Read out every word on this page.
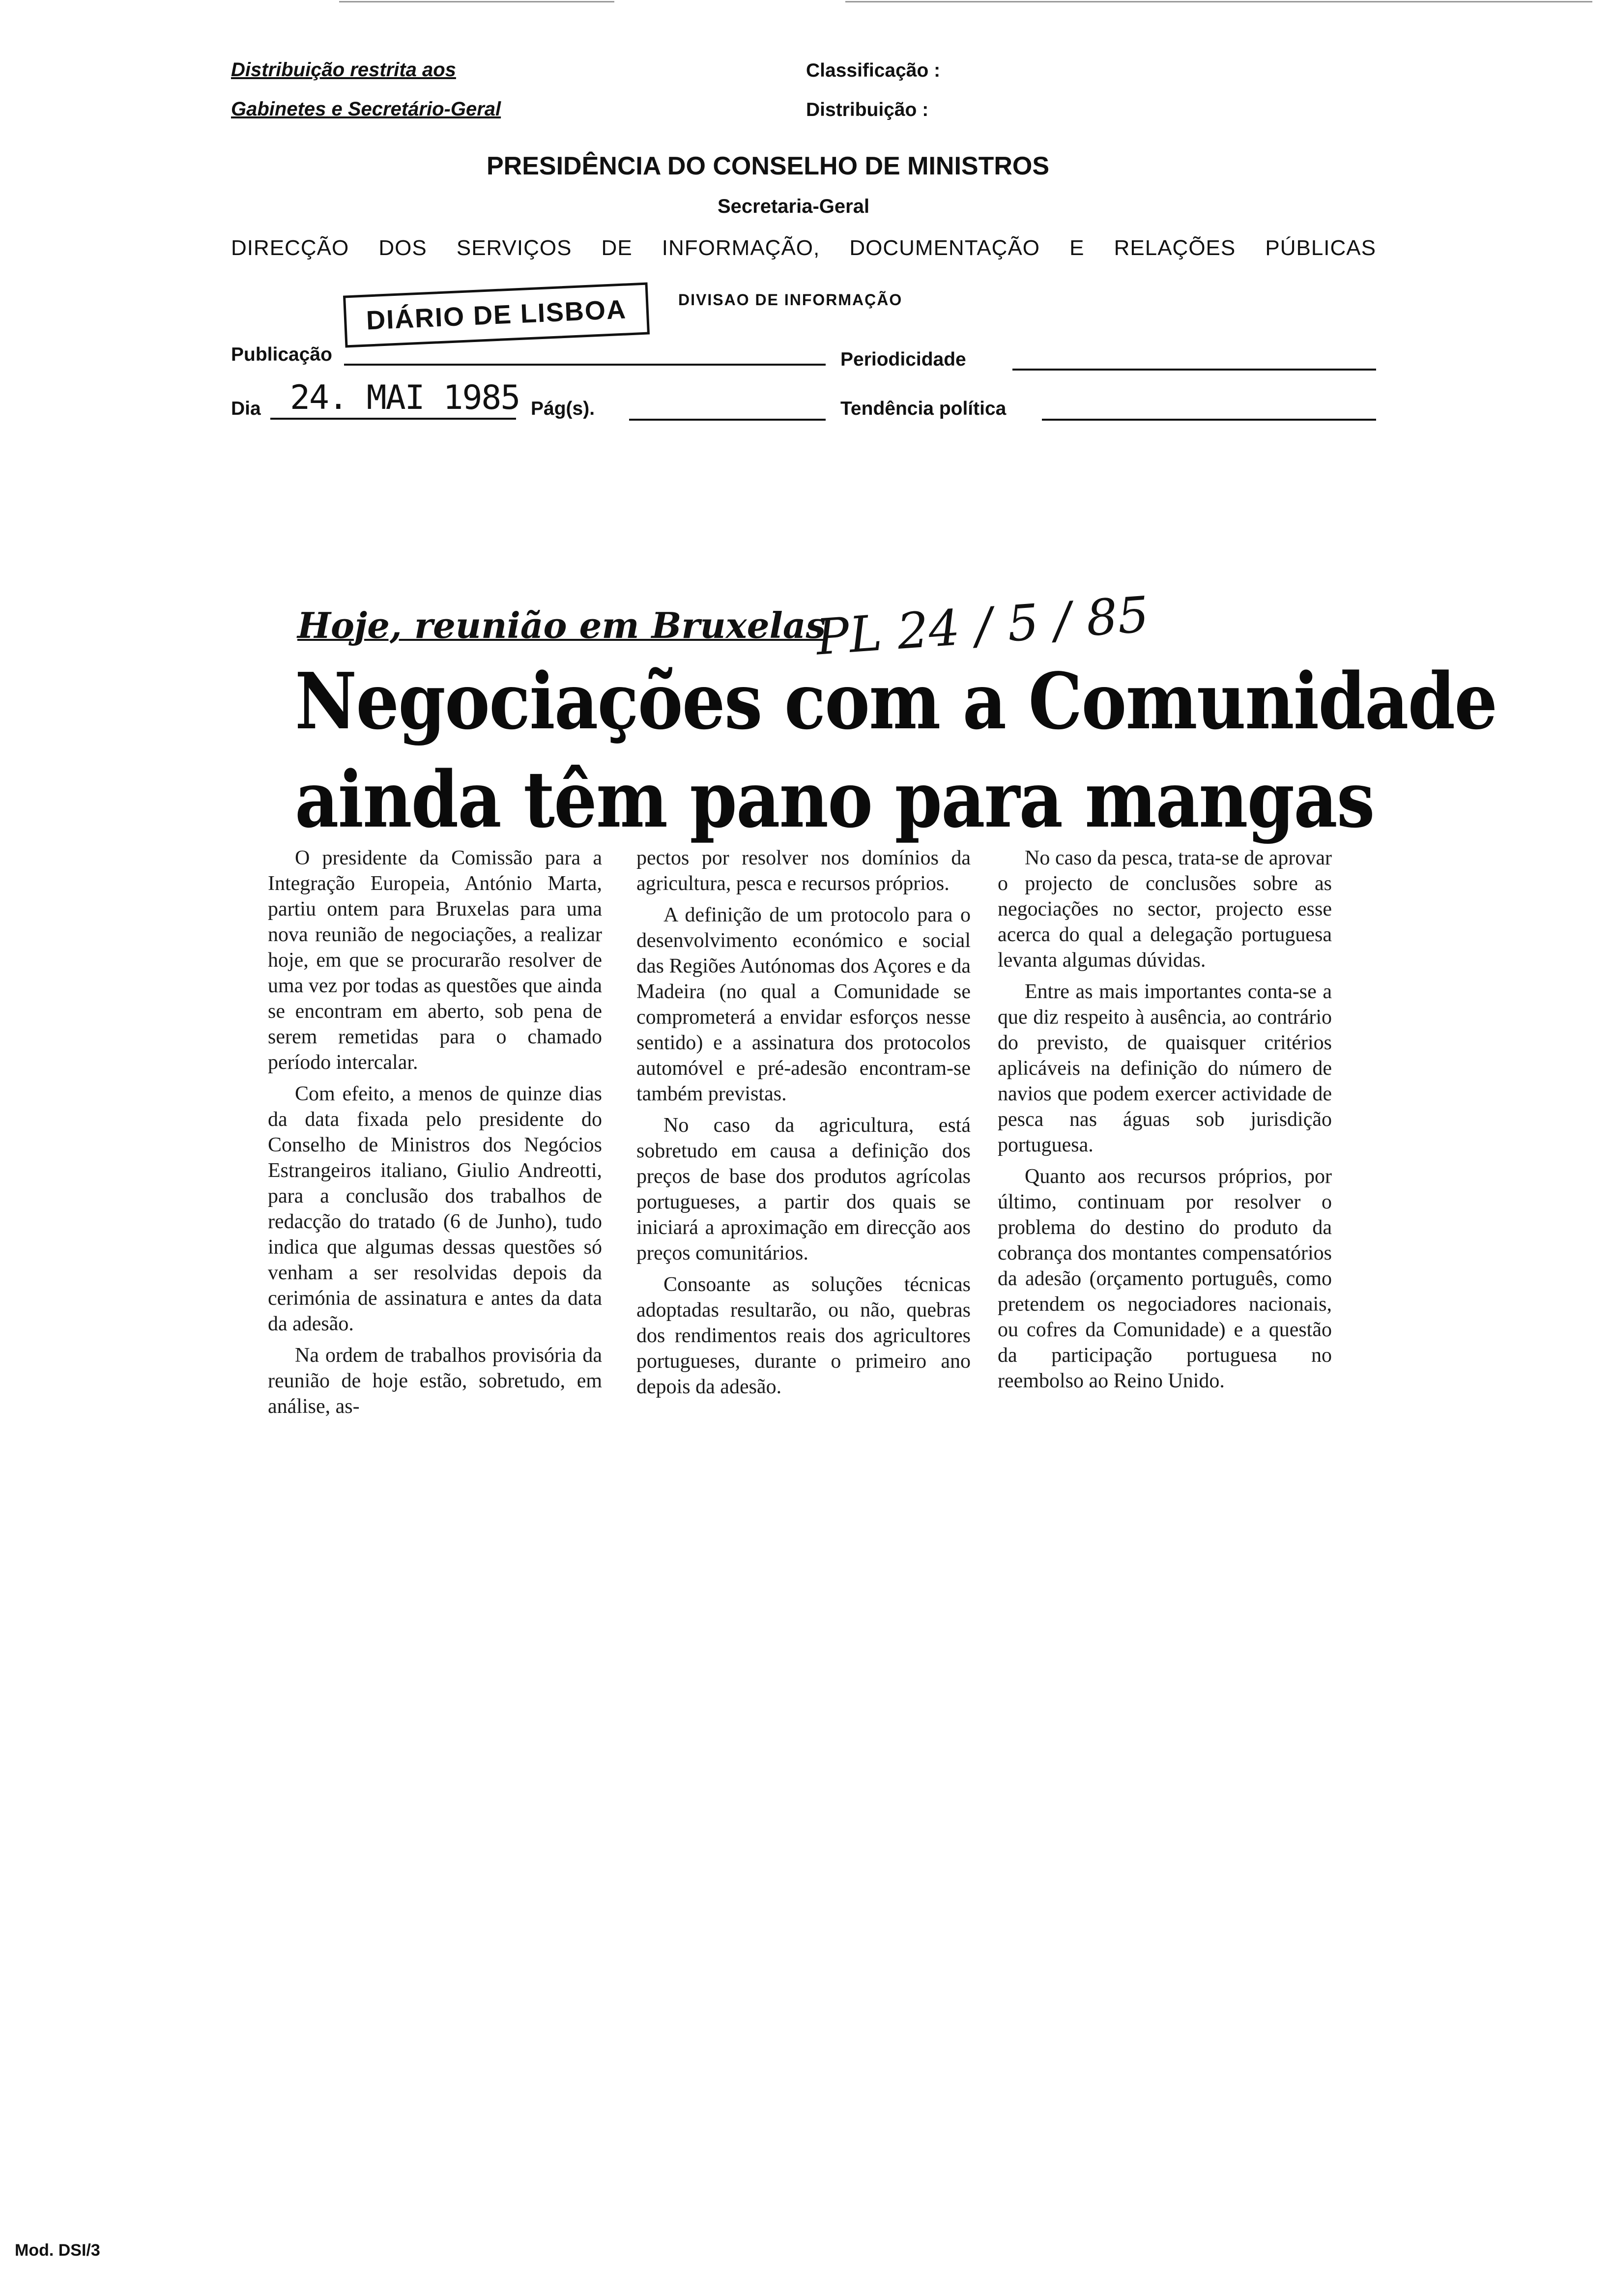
Distribuição restrita aos
Gabinetes e Secretário-Geral
Classificação :
Distribuição :
PRESIDÊNCIA DO CONSELHO DE MINISTROS
Secretaria-Geral
DIRECÇÃO DOS SERVIÇOS DE INFORMAÇÃO, DOCUMENTAÇÃO E RELAÇÕES PÚBLICAS
DIÁRIO DE LISBOA	DIVISAO DE INFORMAÇÃO
Publicação	Periodicidade
Dia 24. MAI 1985 Pág(s).	Tendência política
Hoje, reunião em Bruxelas
PL 24 / 5 / 85
Negociações com a Comunidade
ainda têm pano para mangas

O presidente da Comissão para a Integração Europeia, António Marta, partiu ontem para Bruxelas para uma nova reunião de negociações, a realizar hoje, em que se procurarão resolver de uma vez por todas as questões que ainda se encontram em aberto, sob pena de serem remetidas para o chamado período intercalar.

Com efeito, a menos de quinze dias da data fixada pelo presidente do Conselho de Ministros dos Negócios Estrangeiros italiano, Giulio Andreotti, para a conclusão dos trabalhos de redacção do tratado (6 de Junho), tudo indica que algumas dessas questões só venham a ser resolvidas depois da cerimónia de assinatura e antes da data da adesão.

Na ordem de trabalhos provisória da reunião de hoje estão, sobretudo, em análise, as-

pectos por resolver nos domínios da agricultura, pesca e recursos próprios.

A definição de um protocolo para o desenvolvimento económico e social das Regiões Autónomas dos Açores e da Madeira (no qual a Comunidade se comprometerá a envidar esforços nesse sentido) e a assinatura dos protocolos automóvel e pré-adesão encontram-se também previstas.

No caso da agricultura, está sobretudo em causa a definição dos preços de base dos produtos agrícolas portugueses, a partir dos quais se iniciará a aproximação em direcção aos preços comunitários.

Consoante as soluções técnicas adoptadas resultarão, ou não, quebras dos rendimentos reais dos agricultores portugueses, durante o primeiro ano depois da adesão.

No caso da pesca, trata-se de aprovar o projecto de conclusões sobre as negociações no sector, projecto esse acerca do qual a delegação portuguesa levanta algumas dúvidas.

Entre as mais importantes conta-se a que diz respeito à ausência, ao contrário do previsto, de quaisquer critérios aplicáveis na definição do número de navios que podem exercer actividade de pesca nas águas sob jurisdição portuguesa.

Quanto aos recursos próprios, por último, continuam por resolver o problema do destino do produto da cobrança dos montantes compensatórios da adesão (orçamento português, como pretendem os negociadores nacionais, ou cofres da Comunidade) e a questão da participação portuguesa no reembolso ao Reino Unido.

Mod. DSI/3
